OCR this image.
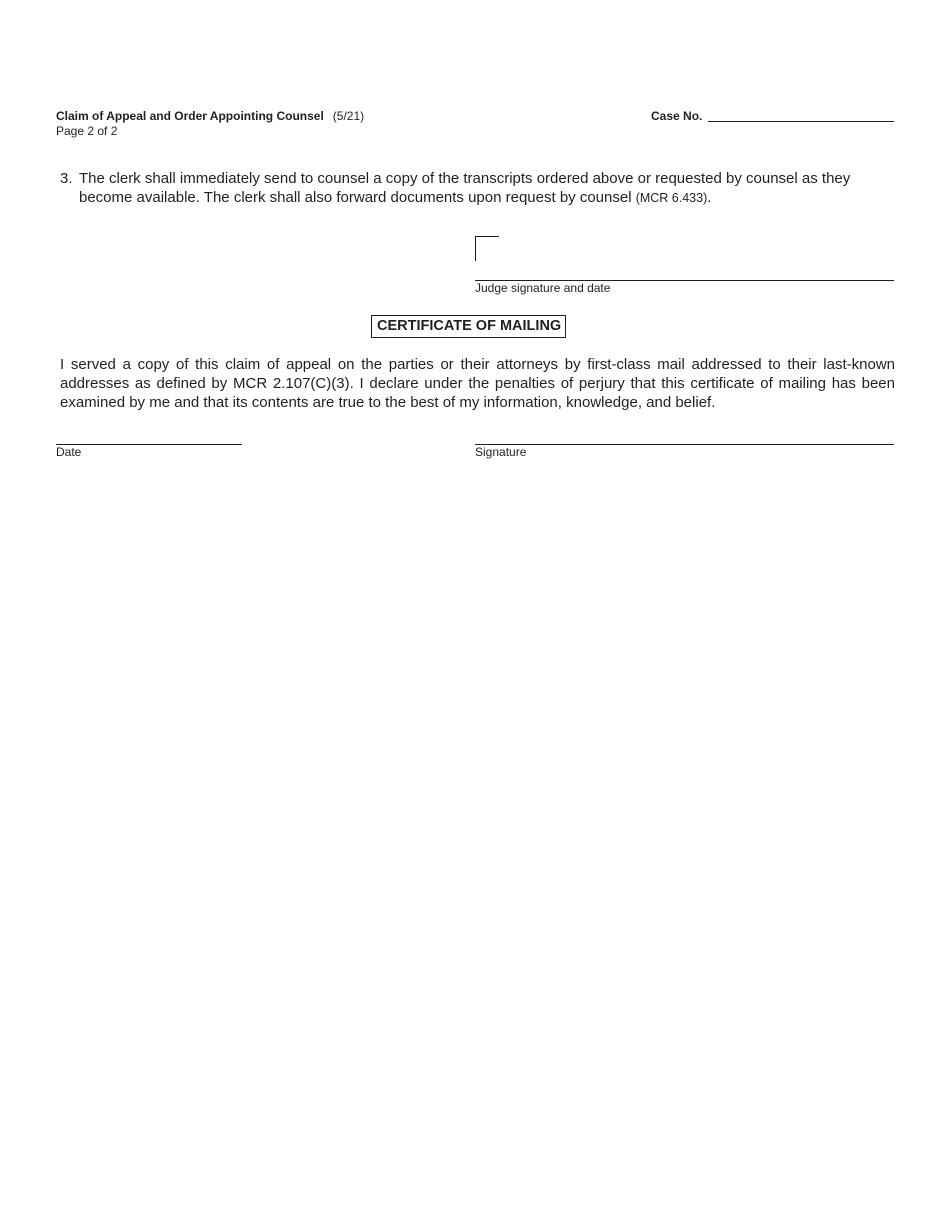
Claim of Appeal and Order Appointing Counsel (5/21)
Page 2 of 2
Case No.
3. The clerk shall immediately send to counsel a copy of the transcripts ordered above or requested by counsel as they become available. The clerk shall also forward documents upon request by counsel (MCR 6.433).
Judge signature and date
CERTIFICATE OF MAILING
I served a copy of this claim of appeal on the parties or their attorneys by first-class mail addressed to their last-known addresses as defined by MCR 2.107(C)(3). I declare under the penalties of perjury that this certificate of mailing has been examined by me and that its contents are true to the best of my information, knowledge, and belief.
Date	Signature
